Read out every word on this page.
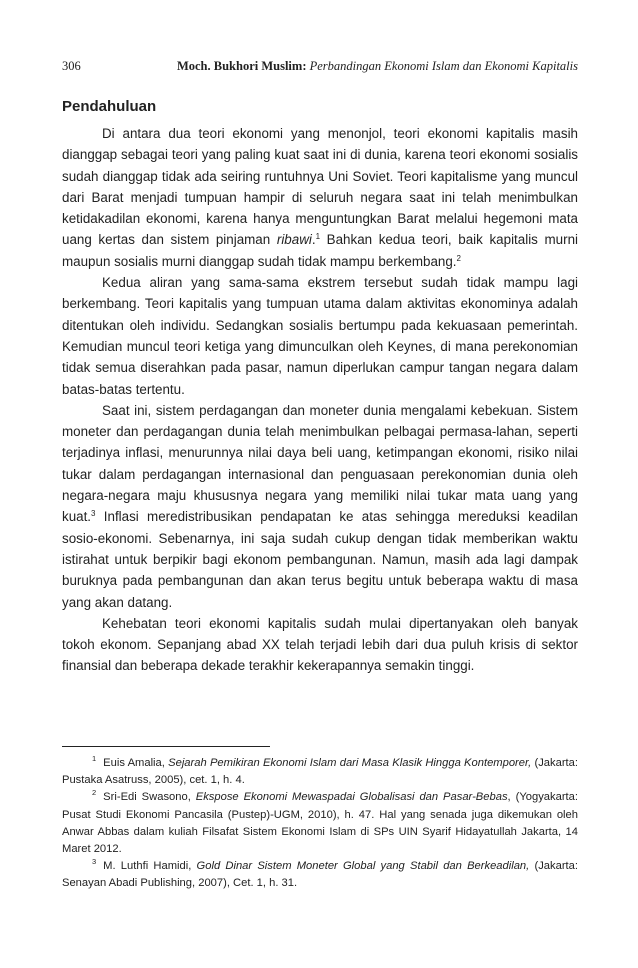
306	Moch. Bukhori Muslim: Perbandingan Ekonomi Islam dan Ekonomi Kapitalis
Pendahuluan

Di antara dua teori ekonomi yang menonjol, teori ekonomi kapitalis masih dianggap sebagai teori yang paling kuat saat ini di dunia, karena teori ekonomi sosialis sudah dianggap tidak ada seiring runtuhnya Uni Soviet. Teori kapitalisme yang muncul dari Barat menjadi tumpuan hampir di seluruh negara saat ini telah menimbulkan ketidakadilan ekonomi, karena hanya menguntungkan Barat melalui hegemoni mata uang kertas dan sistem pinjaman ribawi.$^1$ Bahkan kedua teori, baik kapitalis murni maupun sosialis murni dianggap sudah tidak mampu berkembang.$^2$

Kedua aliran yang sama-sama ekstrem tersebut sudah tidak mampu lagi berkembang. Teori kapitalis yang tumpuan utama dalam aktivitas ekonominya adalah ditentukan oleh individu. Sedangkan sosialis bertumpu pada kekuasaan pemerintah. Kemudian muncul teori ketiga yang dimunculkan oleh Keynes, di mana perekonomian tidak semua diserahkan pada pasar, namun diperlukan campur tangan negara dalam batas-batas tertentu.

Saat ini, sistem perdagangan dan moneter dunia mengalami kebekuan. Sistem moneter dan perdagangan dunia telah menimbulkan pelbagai permasa-lahan, seperti terjadinya inflasi, menurunnya nilai daya beli uang, ketimpangan ekonomi, risiko nilai tukar dalam perdagangan internasional dan penguasaan perekonomian dunia oleh negara-negara maju khususnya negara yang memiliki nilai tukar mata uang yang kuat.$^3$ Inflasi meredistribusikan pendapatan ke atas sehingga mereduksi keadilan sosio-ekonomi. Sebenarnya, ini saja sudah cukup dengan tidak memberikan waktu istirahat untuk berpikir bagi ekonom pembangunan. Namun, masih ada lagi dampak buruknya pada pembangunan dan akan terus begitu untuk beberapa waktu di masa yang akan datang.

Kehebatan teori ekonomi kapitalis sudah mulai dipertanyakan oleh banyak tokoh ekonom. Sepanjang abad XX telah terjadi lebih dari dua puluh krisis di sektor finansial dan beberapa dekade terakhir kekerapannya semakin tinggi.

$^1$ Euis Amalia, Sejarah Pemikiran Ekonomi Islam dari Masa Klasik Hingga Kontemporer, (Jakarta: Pustaka Asatruss, 2005), cet. 1, h. 4.

$^2$ Sri-Edi Swasono, Ekspose Ekonomi Mewaspadai Globalisasi dan Pasar-Bebas, (Yogyakarta: Pusat Studi Ekonomi Pancasila (Pustep)-UGM, 2010), h. 47. Hal yang senada juga dikemukan oleh Anwar Abbas dalam kuliah Filsafat Sistem Ekonomi Islam di SPs UIN Syarif Hidayatullah Jakarta, 14 Maret 2012.

$^3$ M. Luthfi Hamidi, Gold Dinar Sistem Moneter Global yang Stabil dan Berkeadilan, (Jakarta: Senayan Abadi Publishing, 2007), Cet. 1, h. 31.
